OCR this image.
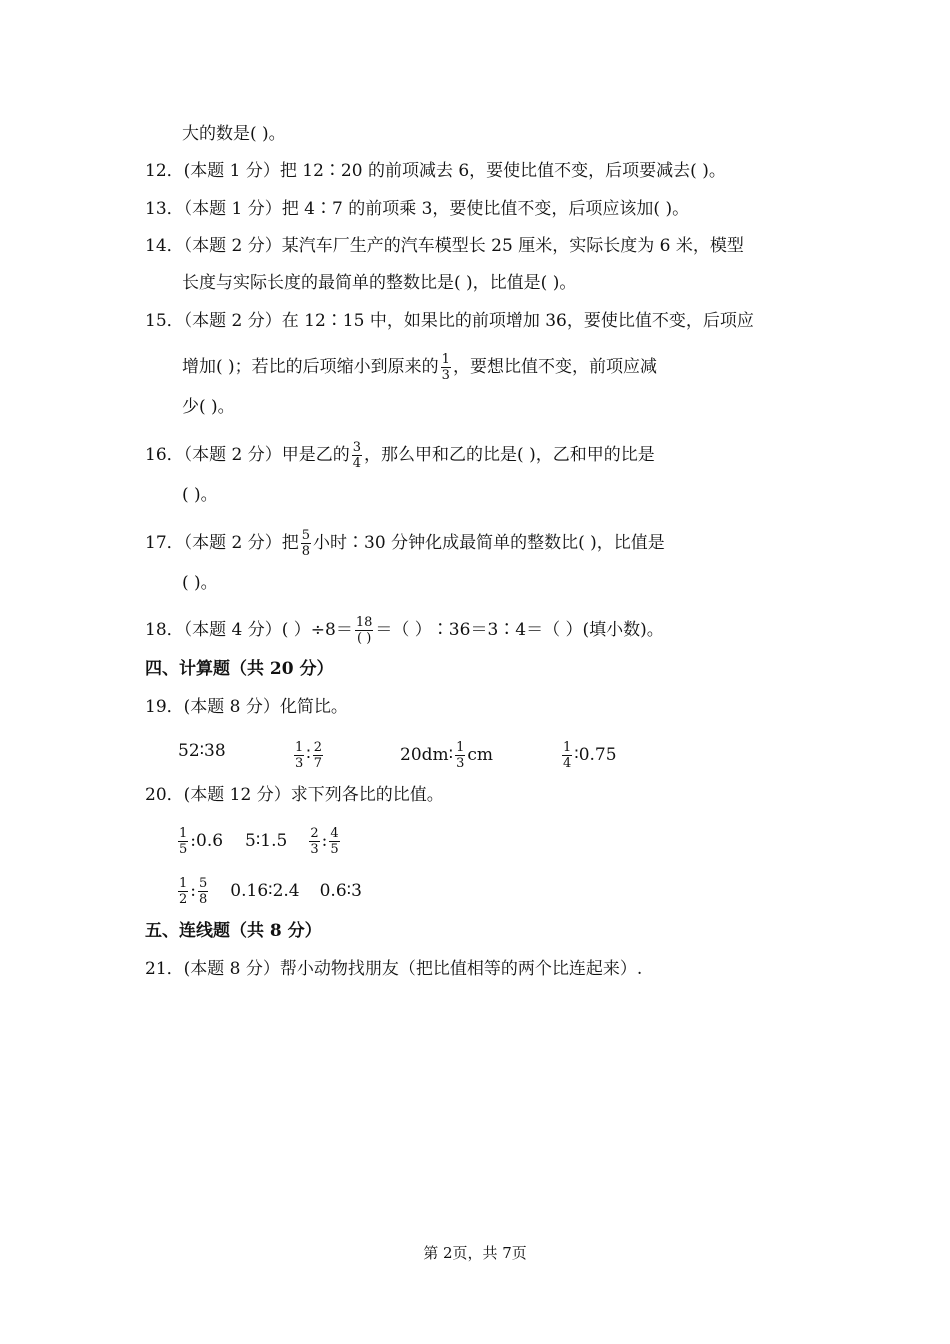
大的数是( )。
12．(本题 1 分）把 12∶20 的前项减去 6，要使比值不变，后项要减去( )。
13．（本题 1 分）把 4∶7 的前项乘 3，要使比值不变，后项应该加( )。
14．（本题 2 分）某汽车厂生产的汽车模型长 25 厘米，实际长度为 6 米，模型
长度与实际长度的最简单的整数比是( )，比值是( )。
15．（本题 2 分）在 12∶15 中，如果比的前项增加 36，要使比值不变，后项应
增加( )；若比的后项缩小到原来的 $\frac{1}{3}$ ，要想比值不变，前项应减
少( )。
16．（本题 2 分）甲是乙的 $\frac{3}{4}$ ，那么甲和乙的比是( )，乙和甲的比是
( )。
17．（本题 2 分）把 $\frac{5}{8}$ 小时∶30 分钟化成最简单的整数比( )，比值是
( )。
18．（本题 4 分）( ）$\div 8= \frac{18}{( )}$ ＝（ ）∶36＝3∶4＝（ ）(填小数)。
四、计算题（共 20 分）
19．(本题 8 分）化简比。
52∶38	$\frac{1}{3}$ ∶ $\frac{2}{7}$	20dm∶ $\frac{1}{3}$ cm	$\frac{1}{4}$ ∶0.75
20．(本题 12 分）求下列各比的比值。
$\frac{1}{5}$ :0.6 5∶1.5 $\frac{2}{3}$ : $\frac{4}{5}$
$\frac{1}{2}$ : $\frac{5}{8}$ 0.16∶2.4 0.6∶3
五、连线题（共 8 分）
21．(本题 8 分）帮小动物找朋友（把比值相等的两个比连起来）.
第 2页，共 7页
